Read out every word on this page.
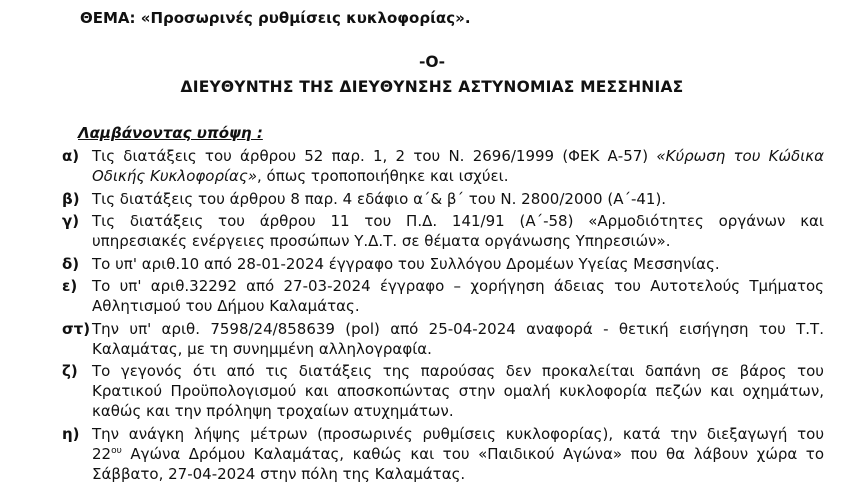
ΘΕΜΑ: «Προσωρινές ρυθμίσεις κυκλοφορίας».
-Ο-
ΔΙΕΥΘΥΝΤΗΣ ΤΗΣ ΔΙΕΥΘΥΝΣΗΣ ΑΣΤΥΝΟΜΙΑΣ ΜΕΣΣΗΝΙΑΣ
Λαμβάνοντας υπόψη :
α) Τις διατάξεις του άρθρου 52 παρ. 1, 2 του Ν. 2696/1999 (ΦΕΚ Α-57) «Κύρωση του Κώδικα
Οδικής Κυκλοφορίας», όπως τροποποιήθηκε και ισχύει.
β) Τις διατάξεις του άρθρου 8 παρ. 4 εδάφιο α΄& β΄ του Ν. 2800/2000 (Α΄-41).
γ) Τις διατάξεις του άρθρου 11 του Π.Δ. 141/91 (Α΄-58) «Αρμοδιότητες οργάνων και
υπηρεσιακές ενέργειες προσώπων Υ.Δ.Τ. σε θέματα οργάνωσης Υπηρεσιών».
δ) Το υπ' αριθ.10 από 28-01-2024 έγγραφο του Συλλόγου Δρομέων Υγείας Μεσσηνίας.
ε) Το υπ' αριθ.32292 από 27-03-2024 έγγραφο – χορήγηση άδειας του Αυτοτελούς Τμήματος
Αθλητισμού του Δήμου Καλαμάτας.
στ) Την υπ' αριθ. 7598/24/858639 (pol) από 25-04-2024 αναφορά - θετική εισήγηση του Τ.Τ.
Καλαμάτας, με τη συνημμένη αλληλογραφία.
ζ) Το γεγονός ότι από τις διατάξεις της παρούσας δεν προκαλείται δαπάνη σε βάρος του
Κρατικού Προϋπολογισμού και αποσκοπώντας στην ομαλή κυκλοφορία πεζών και οχημάτων,
καθώς και την πρόληψη τροχαίων ατυχημάτων.
η) Την ανάγκη λήψης μέτρων (προσωρινές ρυθμίσεις κυκλοφορίας), κατά την διεξαγωγή του
$22^{o\upsilon}$ Αγώνα Δρόμου Καλαμάτας, καθώς και του «Παιδικού Αγώνα» που θα λάβουν χώρα το
Σάββατο, 27-04-2024 στην πόλη της Καλαμάτας.
